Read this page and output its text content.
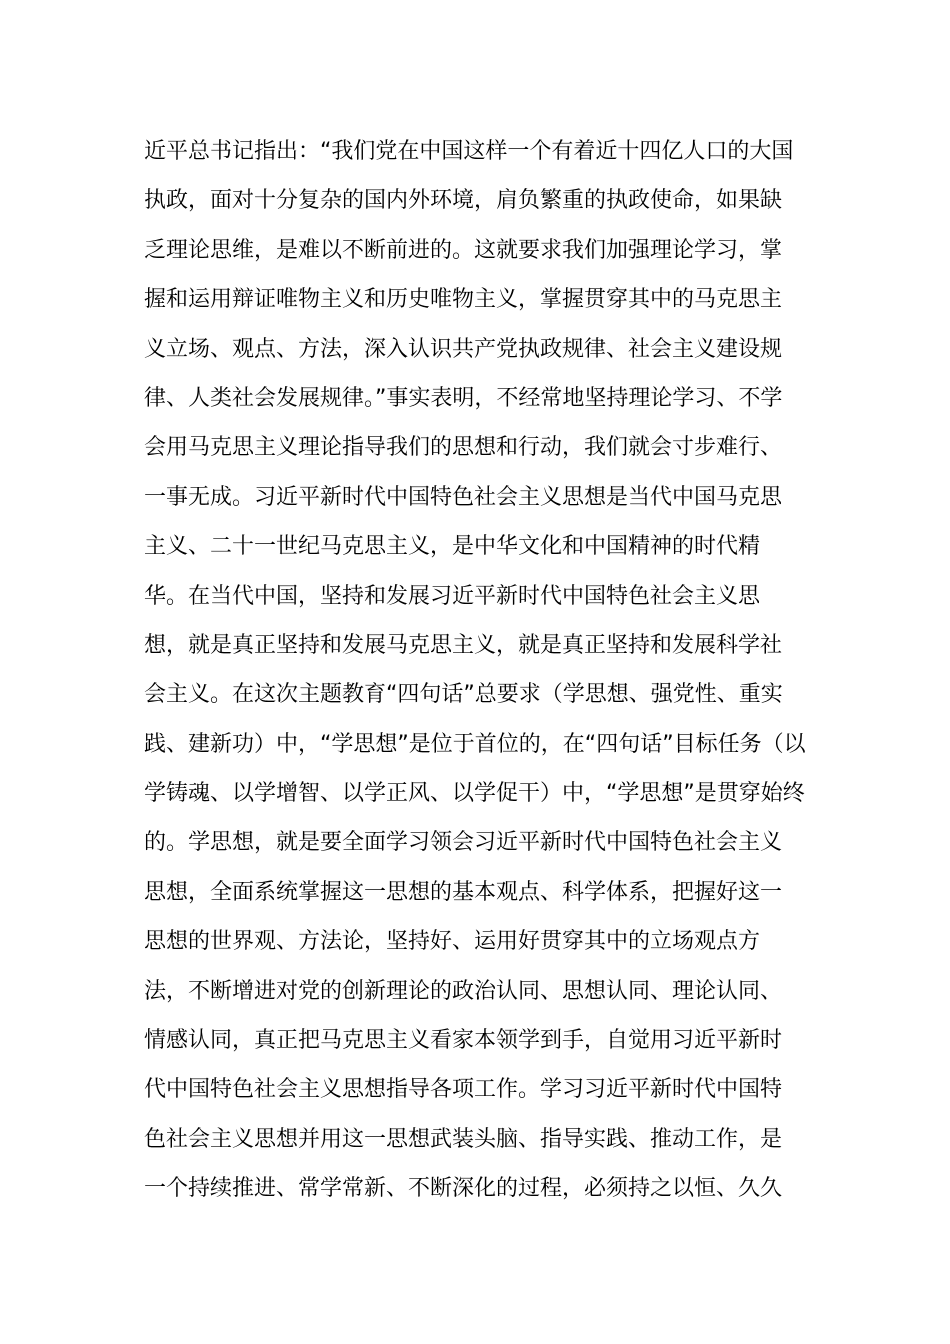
近平总书记指出：“我们党在中国这样一个有着近十四亿人口的大国
执政，面对十分复杂的国内外环境，肩负繁重的执政使命，如果缺
乏理论思维，是难以不断前进的。这就要求我们加强理论学习，掌
握和运用辩证唯物主义和历史唯物主义，掌握贯穿其中的马克思主
义立场、观点、方法，深入认识共产党执政规律、社会主义建设规
律、人类社会发展规律。”事实表明，不经常地坚持理论学习、不学
会用马克思主义理论指导我们的思想和行动，我们就会寸步难行、
一事无成。习近平新时代中国特色社会主义思想是当代中国马克思
主义、二十一世纪马克思主义，是中华文化和中国精神的时代精
华。在当代中国，坚持和发展习近平新时代中国特色社会主义思
想，就是真正坚持和发展马克思主义，就是真正坚持和发展科学社
会主义。在这次主题教育“四句话”总要求（学思想、强党性、重实
践、建新功）中，“学思想”是位于首位的，在“四句话”目标任务（以
学铸魂、以学增智、以学正风、以学促干）中，“学思想”是贯穿始终
的。学思想，就是要全面学习领会习近平新时代中国特色社会主义
思想，全面系统掌握这一思想的基本观点、科学体系，把握好这一
思想的世界观、方法论，坚持好、运用好贯穿其中的立场观点方
法，不断增进对党的创新理论的政治认同、思想认同、理论认同、
情感认同，真正把马克思主义看家本领学到手，自觉用习近平新时
代中国特色社会主义思想指导各项工作。学习习近平新时代中国特
色社会主义思想并用这一思想武装头脑、指导实践、推动工作，是
一个持续推进、常学常新、不断深化的过程，必须持之以恒、久久
